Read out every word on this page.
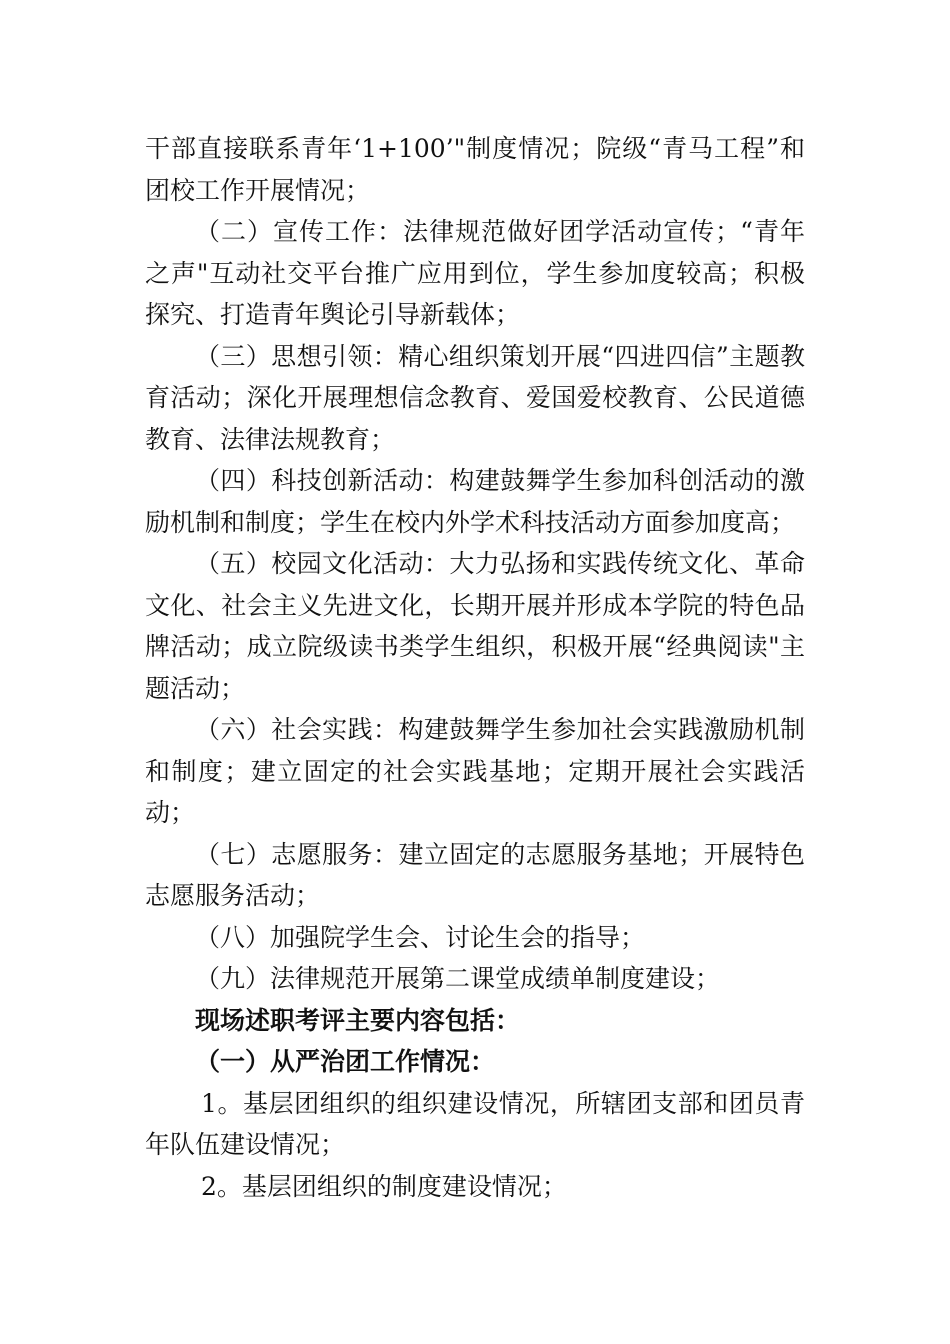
干部直接联系青年‘1+100’"制度情况；院级“青马工程”和团校工作开展情况；

（二）宣传工作：法律规范做好团学活动宣传；“青年之声"互动社交平台推广应用到位，学生参加度较高；积极探究、打造青年舆论引导新载体；

（三）思想引领：精心组织策划开展“四进四信”主题教育活动；深化开展理想信念教育、爱国爱校教育、公民道德教育、法律法规教育；

（四）科技创新活动：构建鼓舞学生参加科创活动的激励机制和制度；学生在校内外学术科技活动方面参加度高；

（五）校园文化活动：大力弘扬和实践传统文化、革命文化、社会主义先进文化，长期开展并形成本学院的特色品牌活动；成立院级读书类学生组织，积极开展“经典阅读"主题活动；

（六）社会实践：构建鼓舞学生参加社会实践激励机制和制度；建立固定的社会实践基地；定期开展社会实践活动；

（七）志愿服务：建立固定的志愿服务基地；开展特色志愿服务活动；

（八）加强院学生会、讨论生会的指导；

（九）法律规范开展第二课堂成绩单制度建设；

现场述职考评主要内容包括：

（一）从严治团工作情况：

1。基层团组织的组织建设情况，所辖团支部和团员青年队伍建设情况；

2。基层团组织的制度建设情况；
